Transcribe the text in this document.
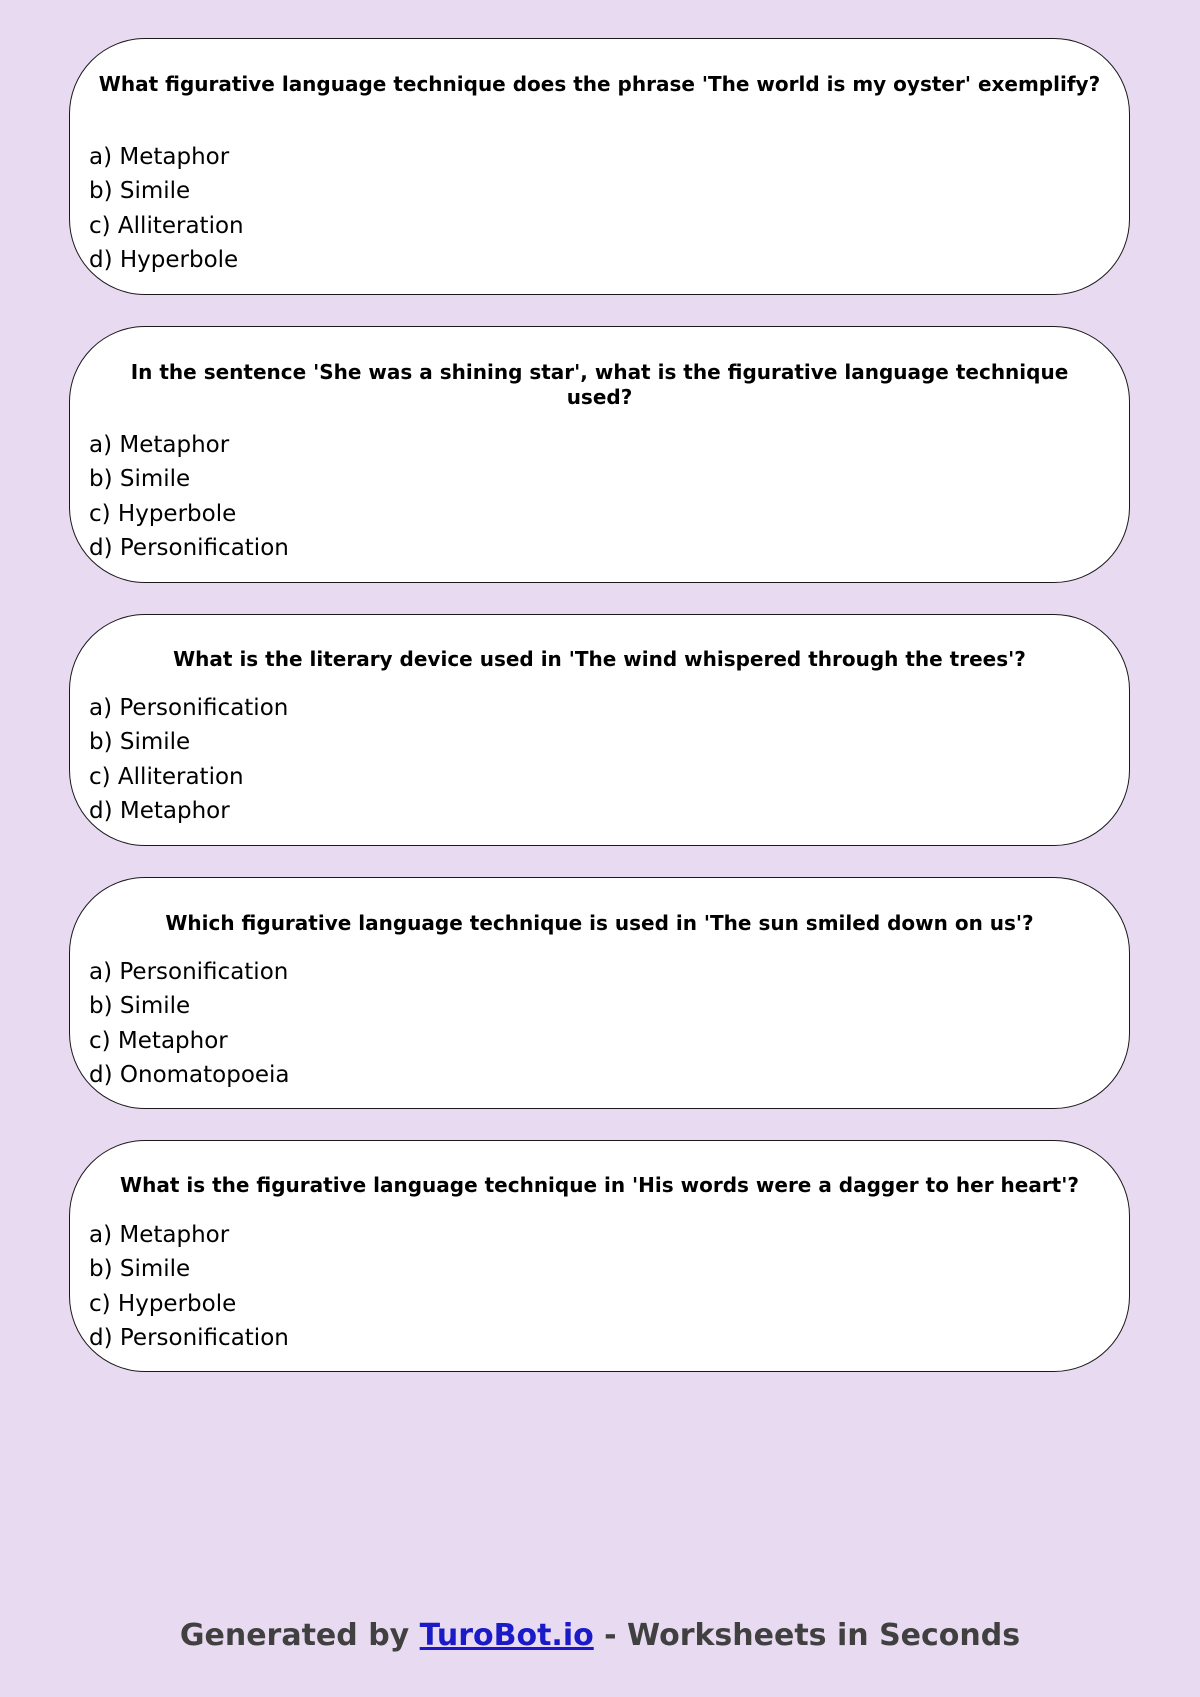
What figurative language technique does the phrase 'The world is my oyster' exemplify?

a) Metaphor
b) Simile
c) Alliteration
d) Hyperbole

In the sentence 'She was a shining star', what is the figurative language technique used?

a) Metaphor
b) Simile
c) Hyperbole
d) Personification

What is the literary device used in 'The wind whispered through the trees'?

a) Personification
b) Simile
c) Alliteration
d) Metaphor

Which figurative language technique is used in 'The sun smiled down on us'?

a) Personification
b) Simile
c) Metaphor
d) Onomatopoeia

What is the figurative language technique in 'His words were a dagger to her heart'?

a) Metaphor
b) Simile
c) Hyperbole
d) Personification
Generated by TuroBot.io - Worksheets in Seconds
